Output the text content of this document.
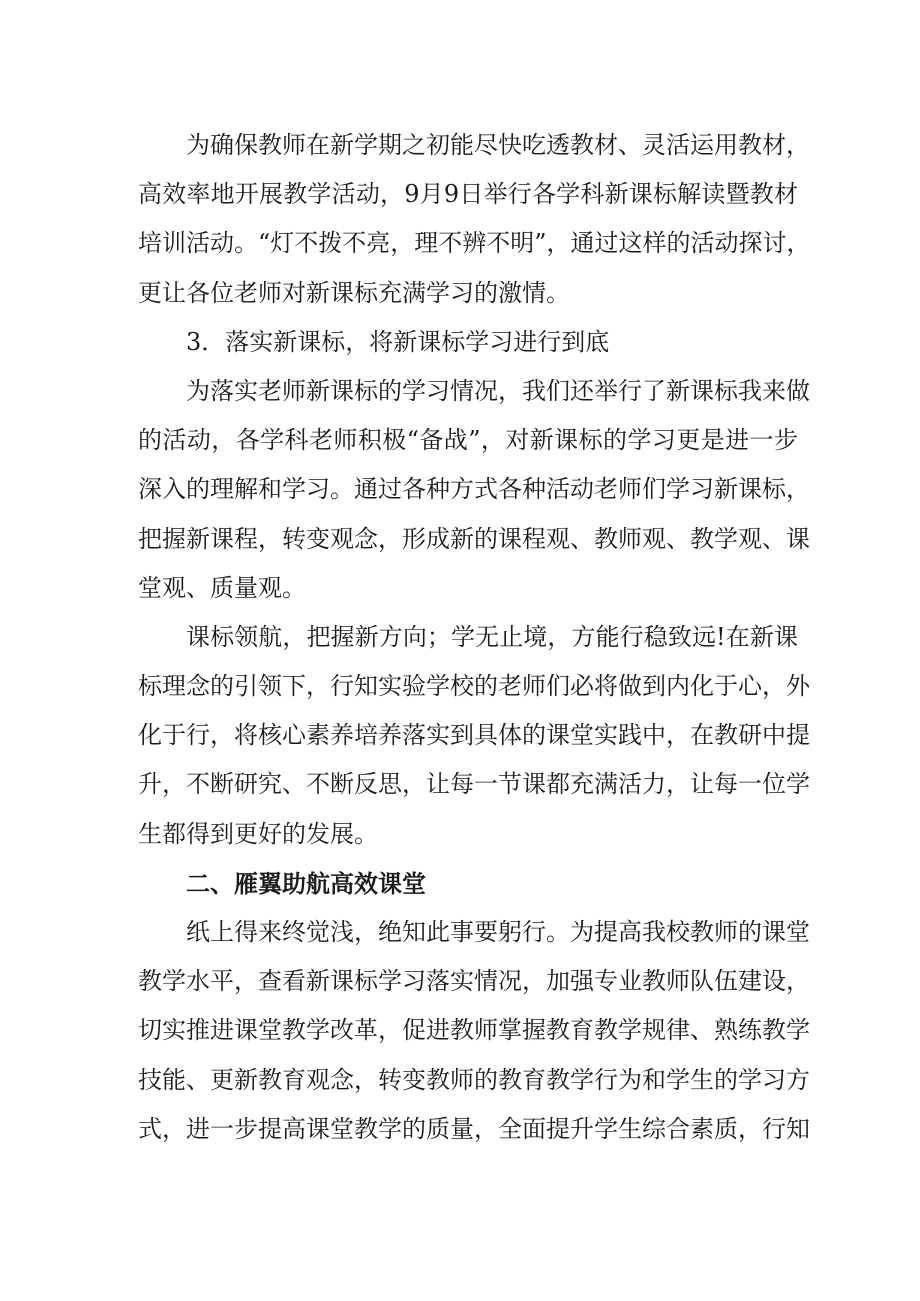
为确保教师在新学期之初能尽快吃透教材、灵活运用教材，
高效率地开展教学活动，9月9日举行各学科新课标解读暨教材
培训活动。“灯不拨不亮，理不辨不明”，通过这样的活动探讨，
更让各位老师对新课标充满学习的激情。
3．落实新课标，将新课标学习进行到底
为落实老师新课标的学习情况，我们还举行了新课标我来做
的活动，各学科老师积极“备战”，对新课标的学习更是进一步
深入的理解和学习。通过各种方式各种活动老师们学习新课标，
把握新课程，转变观念，形成新的课程观、教师观、教学观、课
堂观、质量观。
课标领航，把握新方向；学无止境，方能行稳致远!在新课
标理念的引领下，行知实验学校的老师们必将做到内化于心，外
化于行，将核心素养培养落实到具体的课堂实践中，在教研中提
升，不断研究、不断反思，让每一节课都充满活力，让每一位学
生都得到更好的发展。
二、雁翼助航高效课堂
纸上得来终觉浅，绝知此事要躬行。为提高我校教师的课堂
教学水平，查看新课标学习落实情况，加强专业教师队伍建设，
切实推进课堂教学改革，促进教师掌握教育教学规律、熟练教学
技能、更新教育观念，转变教师的教育教学行为和学生的学习方
式，进一步提高课堂教学的质量，全面提升学生综合素质，行知
